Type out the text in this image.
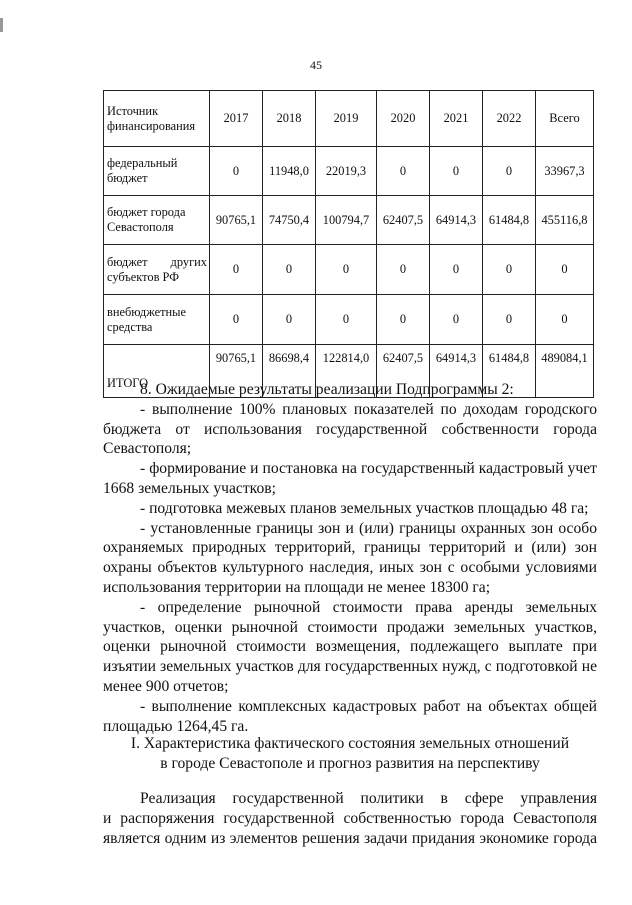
45
Источник финансирования	2017	2018	2019	2020	2021	2022	Всего
федеральный бюджет	0	11948,0	22019,3	0	0	0	33967,3
бюджет города Севастополя	90765,1	74750,4	100794,7	62407,5	64914,3	61484,8	455116,8

бюджет других
субъектов РФ	0	0	0	0	0	0	0
внебюджетные средства	0	0	0	0	0	0	0
ИТОГО	90765,1	86698,4	122814,0	62407,5	64914,3	61484,8	489084,1

8. Ожидаемые результаты реализации Подпрограммы 2:

- выполнение 100% плановых показателей по доходам городского бюджета от использования государственной собственности города Севастополя;

- формирование и постановка на государственный кадастровый учет 1668 земельных участков;

- подготовка межевых планов земельных участков площадью 48 га;

- установленные границы зон и (или) границы охранных зон особо охраняемых природных территорий, границы территорий и (или) зон охраны объектов культурного наследия, иных зон с особыми условиями использования территории на площади не менее 18300 га;

- определение рыночной стоимости права аренды земельных участков, оценки рыночной стоимости продажи земельных участков, оценки рыночной стоимости возмещения, подлежащего выплате при изъятии земельных участков для государственных нужд, с подготовкой не менее 900 отчетов;

- выполнение комплексных кадастровых работ на объектах общей площадью 1264,45 га.

I. Характеристика фактического состояния земельных отношений
в городе Севастополе и прогноз развития на перспективу

Реализация государственной политики в сфере управления

и распоряжения государственной собственностью города Севастополя

является одним из элементов решения задачи придания экономике города
